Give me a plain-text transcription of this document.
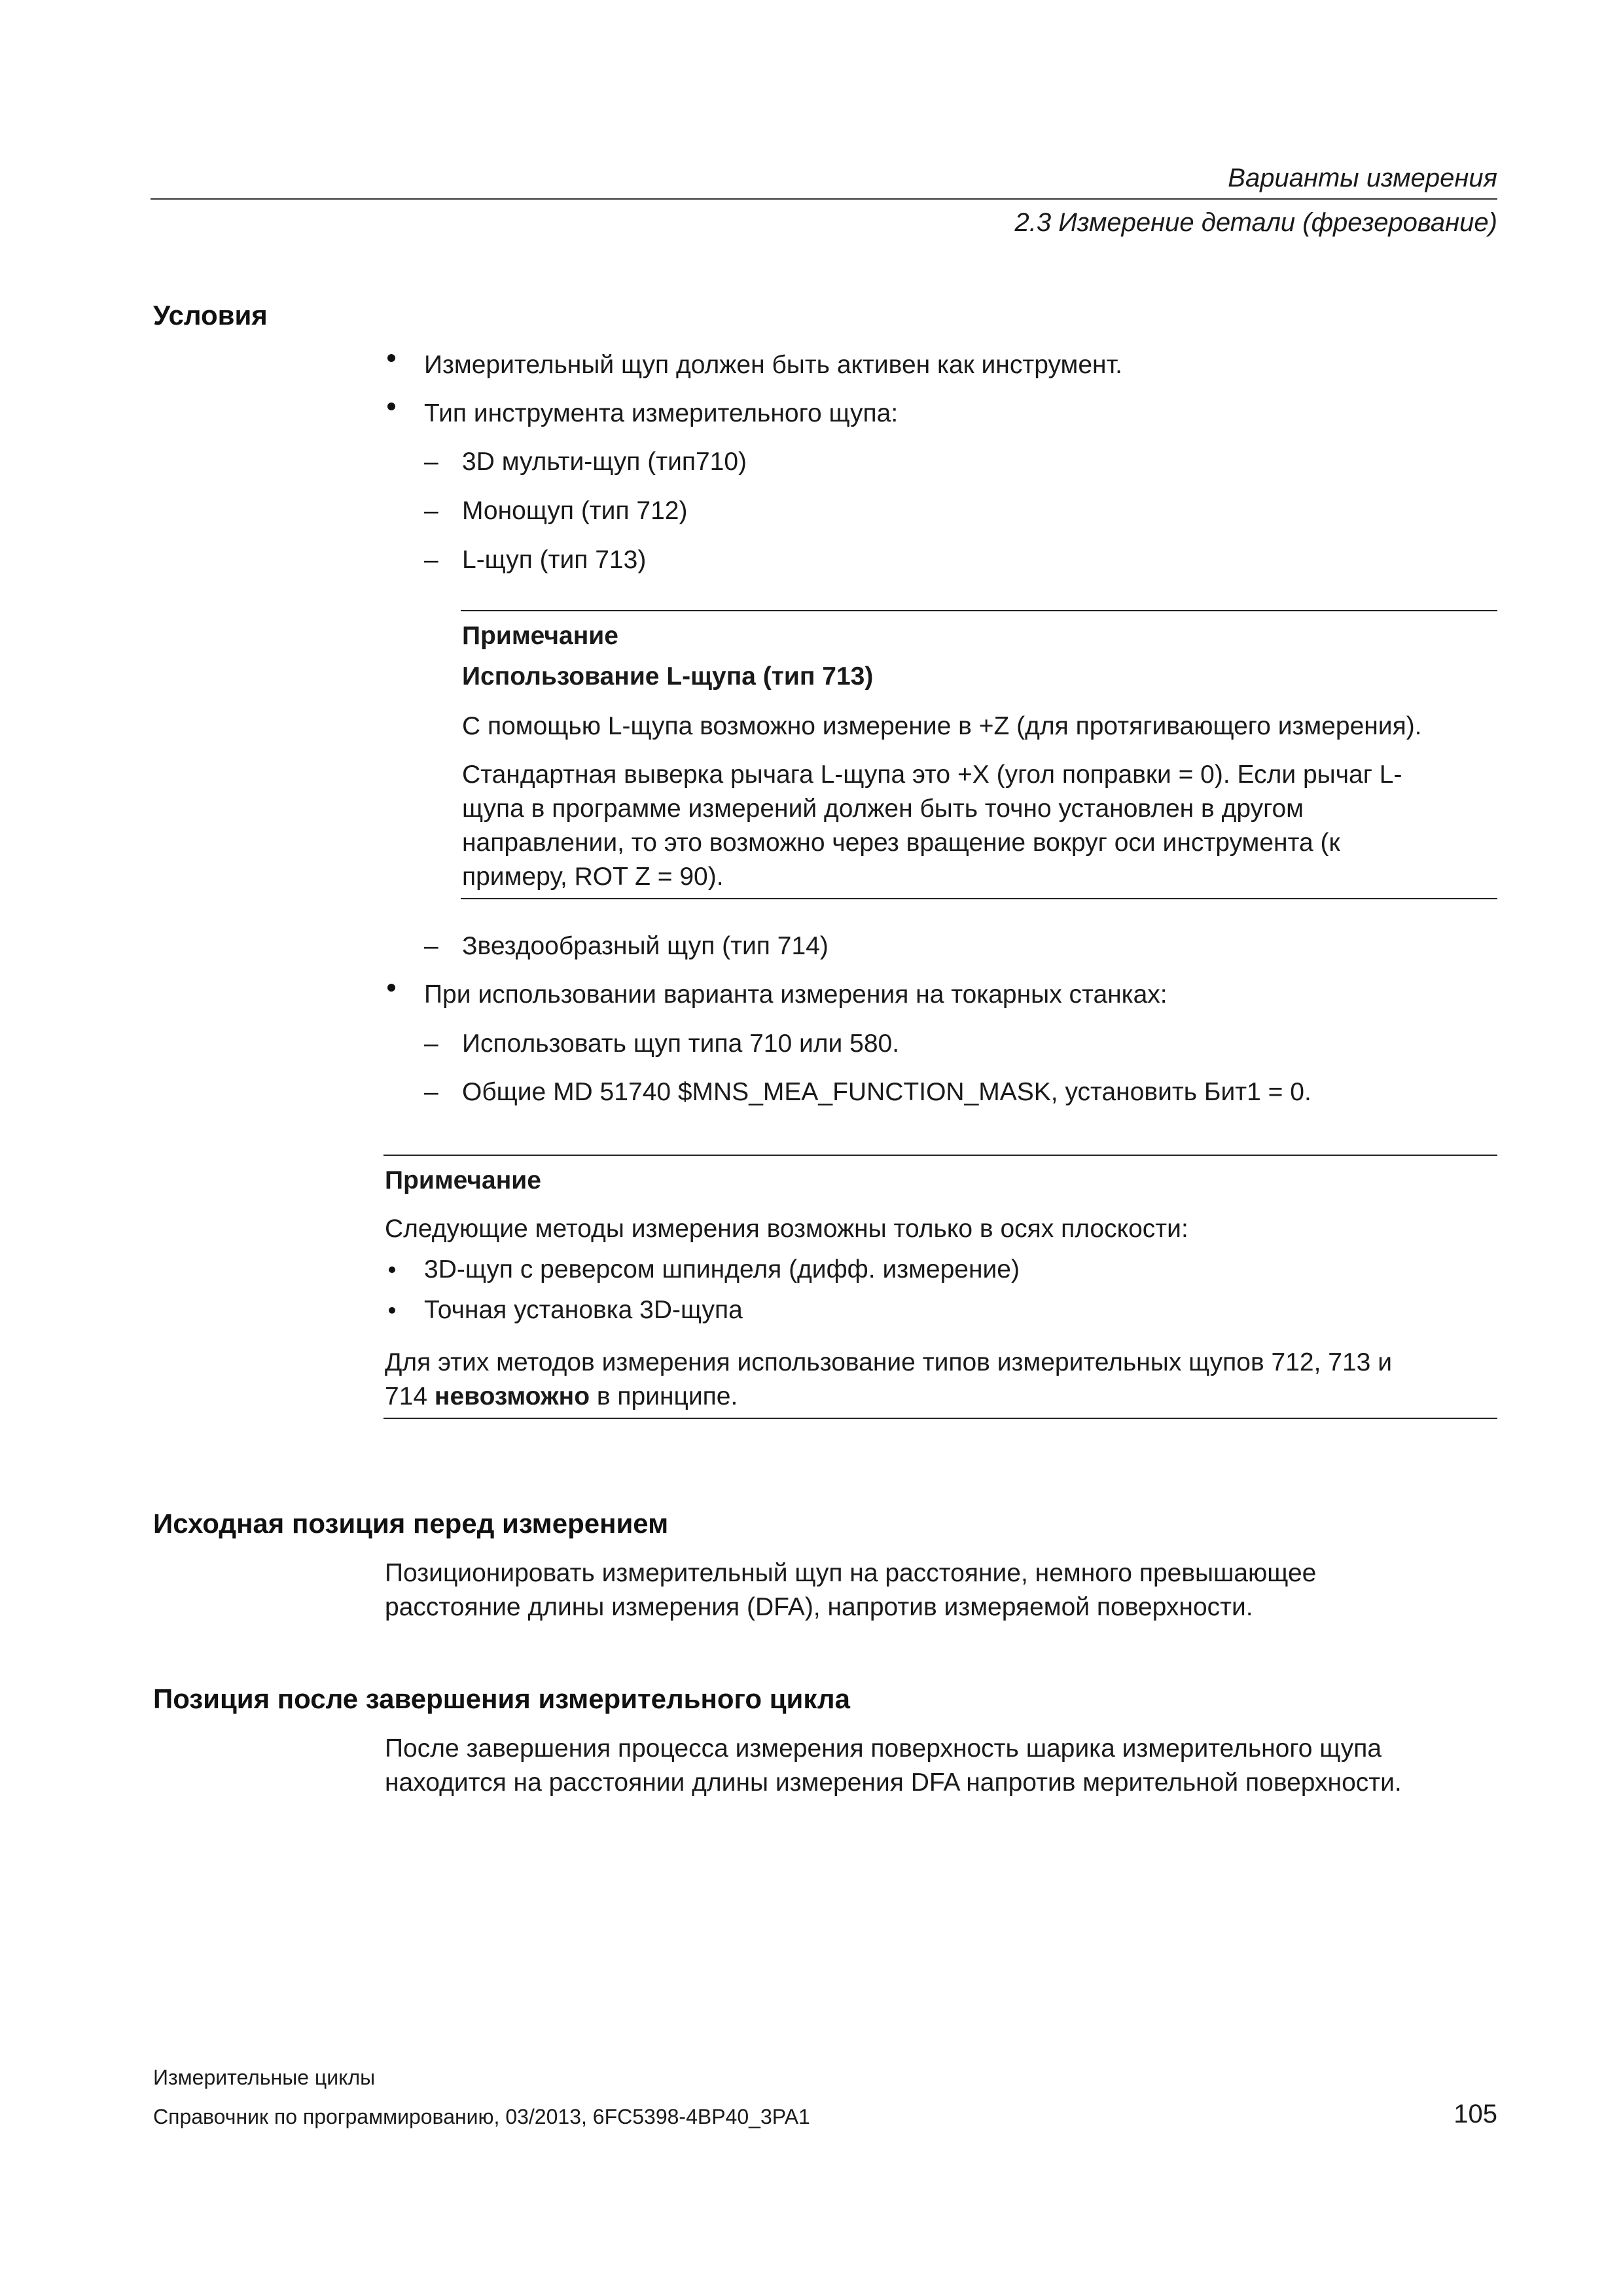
Варианты измерения
2.3 Измерение детали (фрезерование)
Условия
Измерительный щуп должен быть активен как инструмент.
Тип инструмента измерительного щупа:
– 3D мульти-щуп (тип710)
– Монощуп (тип 712)
– L-щуп (тип 713)
Примечание
Использование L-щупа (тип 713)
С помощью L-щупа возможно измерение в +Z (для протягивающего измерения).
Стандартная выверка рычага L-щупа это +X (угол поправки = 0). Если рычаг L-
щупа в программе измерений должен быть точно установлен в другом
направлении, то это возможно через вращение вокруг оси инструмента (к
примеру, ROT Z = 90).
– Звездообразный щуп (тип 714)
При использовании варианта измерения на токарных станках:
– Использовать щуп типа 710 или 580.
– Общие MD 51740 $MNS_MEA_FUNCTION_MASK, установить Бит1 = 0.
Примечание
Следующие методы измерения возможны только в осях плоскости:
3D-щуп с реверсом шпинделя (дифф. измерение)
Точная установка 3D-щупа
Для этих методов измерения использование типов измерительных щупов 712, 713 и
714 невозможно в принципе.
Исходная позиция перед измерением
Позиционировать измерительный щуп на расстояние, немного превышающее
расстояние длины измерения (DFA), напротив измеряемой поверхности.
Позиция после завершения измерительного цикла
После завершения процесса измерения поверхность шарика измерительного щупа
находится на расстоянии длины измерения DFA напротив мерительной поверхности.
Измерительные циклы
Справочник по программированию, 03/2013, 6FC5398-4BP40_3PA1	105
